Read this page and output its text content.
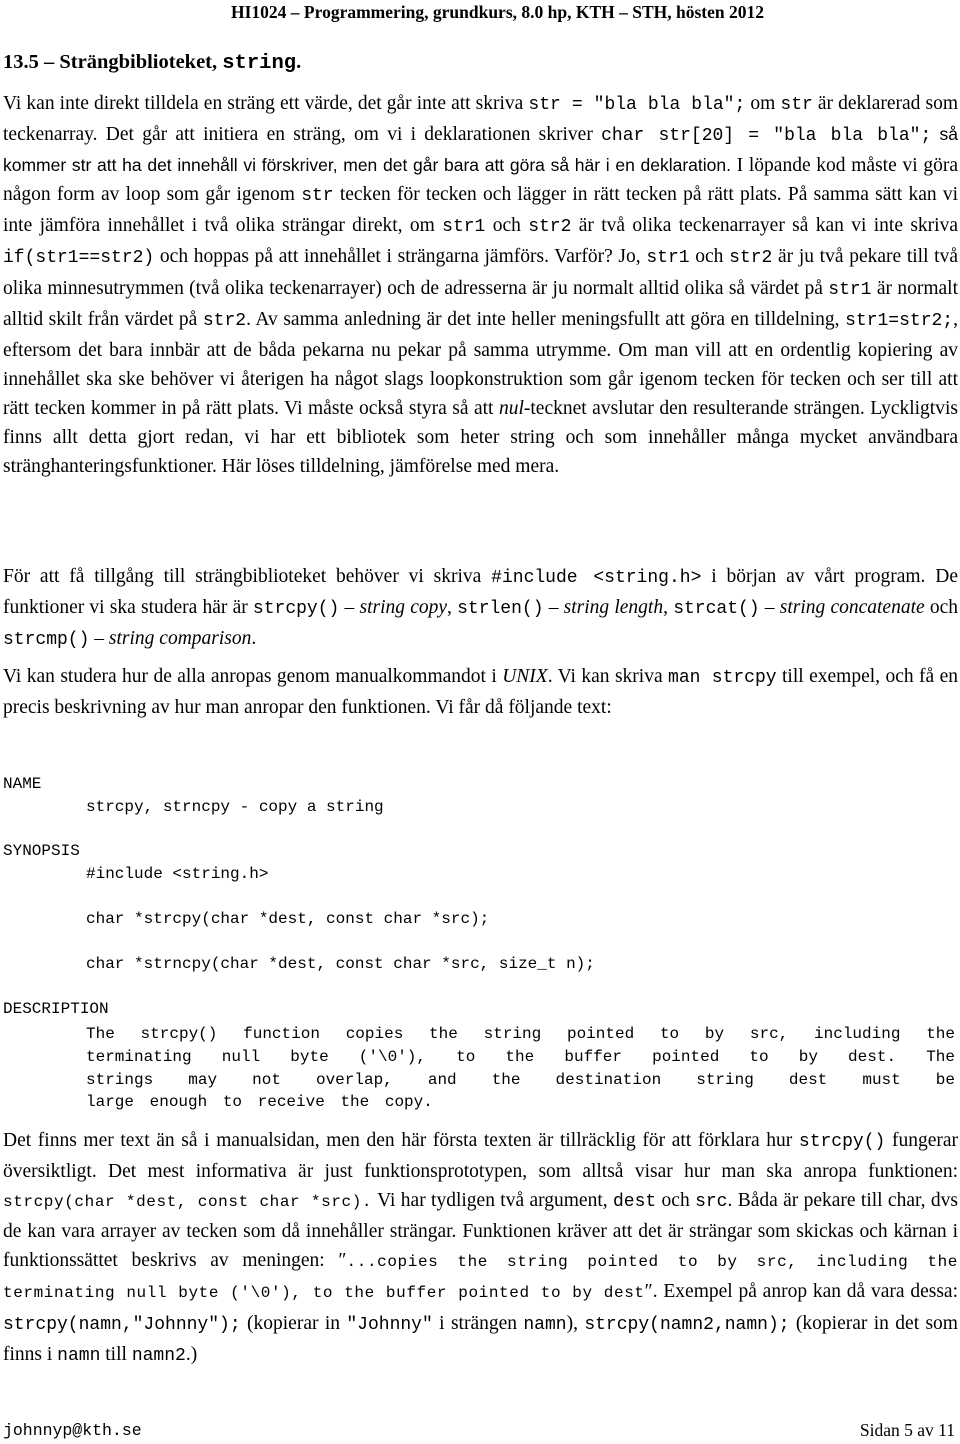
HI1024 – Programmering, grundkurs, 8.0 hp, KTH – STH, hösten 2012
13.5 – Strängbiblioteket, string.

Vi kan inte direkt tilldela en sträng ett värde, det går inte att skriva str = ″bla bla bla″; om str är deklarerad som teckenarray. Det går att initiera en sträng, om vi i deklarationen skriver char str[20] = ″bla bla bla″; så kommer str att ha det innehåll vi förskriver, men det går bara att göra så här i en deklaration. I löpande kod måste vi göra någon form av loop som går igenom str tecken för tecken och lägger in rätt tecken på rätt plats. På samma sätt kan vi inte jämföra innehållet i två olika strängar direkt, om str1 och str2 är två olika teckenarrayer så kan vi inte skriva if(str1==str2) och hoppas på att innehållet i strängarna jämförs. Varför? Jo, str1 och str2 är ju två pekare till två olika minnesutrymmen (två olika teckenarrayer) och de adresserna är ju normalt alltid olika så värdet på str1 är normalt alltid skilt från värdet på str2. Av samma anledning är det inte heller meningsfullt att göra en tilldelning, str1=str2;, eftersom det bara innbär att de båda pekarna nu pekar på samma utrymme. Om man vill att en ordentlig kopiering av innehållet ska ske behöver vi återigen ha något slags loopkonstruktion som går igenom tecken för tecken och ser till att rätt tecken kommer in på rätt plats. Vi måste också styra så att nul-tecknet avslutar den resulterande strängen. Lyckligtvis finns allt detta gjort redan, vi har ett bibliotek som heter string och som innehåller många mycket användbara stränghanteringsfunktioner. Här löses tilldelning, jämförelse med mera.

För att få tillgång till strängbiblioteket behöver vi skriva #include <string.h> i början av vårt program. De funktioner vi ska studera här är strcpy() – string copy, strlen() – string length, strcat() – string concatenate och strcmp() – string comparison.

Vi kan studera hur de alla anropas genom manualkommandot i UNIX. Vi kan skriva man strcpy till exempel, och få en precis beskrivning av hur man anropar den funktionen. Vi får då följande text:

NAME
strcpy, strncpy - copy a string
SYNOPSIS
#include <string.h>
char *strcpy(char *dest, const char *src);
char *strncpy(char *dest, const char *src, size_t n);
DESCRIPTION
The strcpy() function copies the string pointed to by src, including the
terminating null byte ('\0'), to the buffer pointed to by dest. The
strings may not overlap, and the destination string dest must be
large enough to receive the copy.

Det finns mer text än så i manualsidan, men den här första texten är tillräcklig för att förklara hur strcpy() fungerar översiktligt. Det mest informativa är just funktionsprototypen, som alltså visar hur man ska anropa funktionen: strcpy(char *dest, const char *src). Vi har tydligen två argument, dest och src. Båda är pekare till char, dvs de kan vara arrayer av tecken som då innehåller strängar. Funktionen kräver att det är strängar som skickas och kärnan i funktionssättet beskrivs av meningen: ″...copies the string pointed to by src, including the terminating null byte ('\0'), to the buffer pointed to by dest″. Exempel på anrop kan då vara dessa: strcpy(namn,″Johnny″); (kopierar in ″Johnny″ i strängen namn), strcpy(namn2,namn); (kopierar in det som finns i namn till namn2.)

johnnyp@kth.se	Sidan 5 av 11
